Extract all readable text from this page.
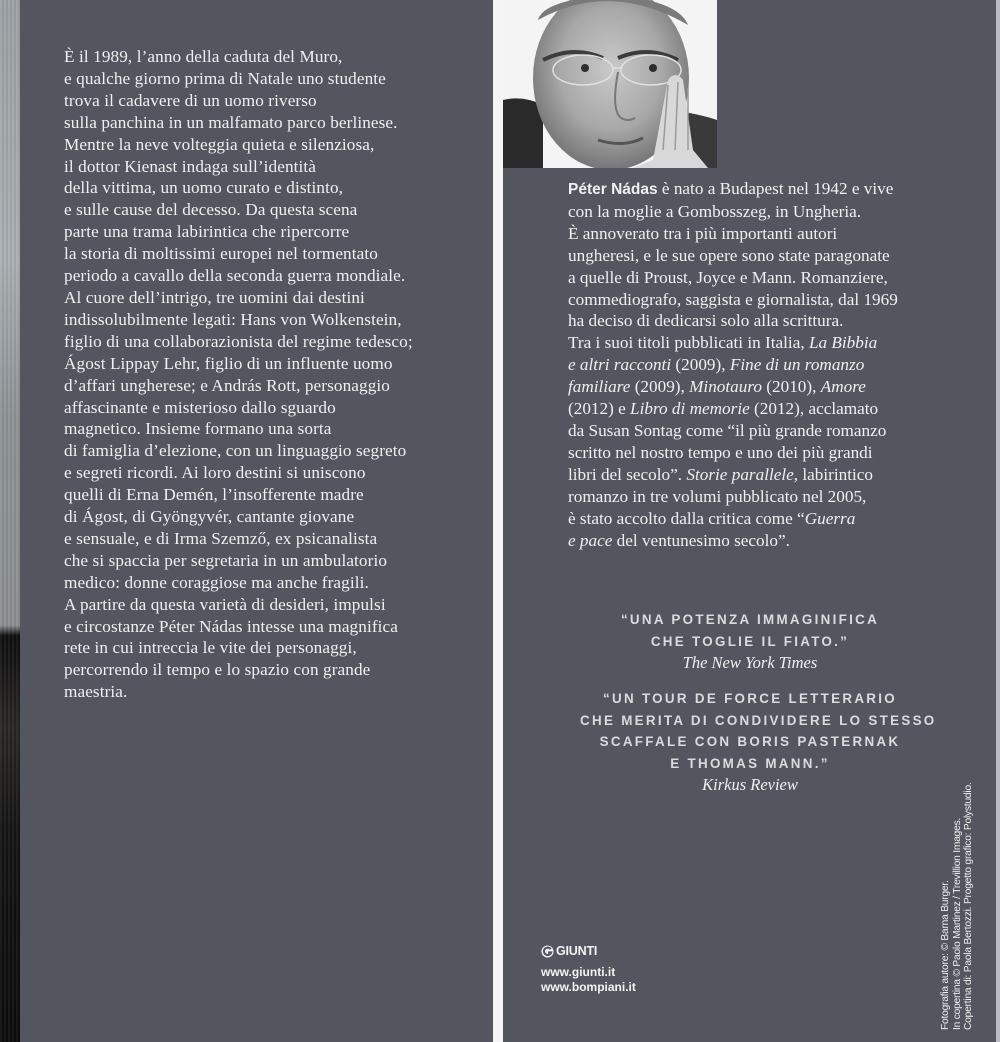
È il 1989, l’anno della caduta del Muro,
e qualche giorno prima di Natale uno studente
trova il cadavere di un uomo riverso
sulla panchina in un malfamato parco berlinese.
Mentre la neve volteggia quieta e silenziosa,
il dottor Kienast indaga sull’identità
della vittima, un uomo curato e distinto,
e sulle cause del decesso. Da questa scena
parte una trama labirintica che ripercorre
la storia di moltissimi europei nel tormentato
periodo a cavallo della seconda guerra mondiale.
Al cuore dell’intrigo, tre uomini dai destini
indissolubilmente legati: Hans von Wolkenstein,
figlio di una collaborazionista del regime tedesco;
Ágost Lippay Lehr, figlio di un influente uomo
d’affari ungherese; e András Rott, personaggio
affascinante e misterioso dallo sguardo
magnetico. Insieme formano una sorta
di famiglia d’elezione, con un linguaggio segreto
e segreti ricordi. Ai loro destini si uniscono
quelli di Erna Demén, l’insofferente madre
di Ágost, di Gyöngyvér, cantante giovane
e sensuale, e di Irma Szemző, ex psicanalista
che si spaccia per segretaria in un ambulatorio
medico: donne coraggiose ma anche fragili.
A partire da questa varietà di desideri, impulsi
e circostanze Péter Nádas intesse una magnifica
rete in cui intreccia le vite dei personaggi,
percorrendo il tempo e lo spazio con grande
maestria.
Péter Nádas è nato a Budapest nel 1942 e vive
con la moglie a Gombosszeg, in Ungheria.
È annoverato tra i più importanti autori
ungheresi, e le sue opere sono state paragonate
a quelle di Proust, Joyce e Mann. Romanziere,
commediografo, saggista e giornalista, dal 1969
ha deciso di dedicarsi solo alla scrittura.
Tra i suoi titoli pubblicati in Italia, La Bibbia
e altri racconti (2009), Fine di un romanzo
familiare (2009), Minotauro (2010), Amore
(2012) e Libro di memorie (2012), acclamato
da Susan Sontag come “il più grande romanzo
scritto nel nostro tempo e uno dei più grandi
libri del secolo”. Storie parallele, labirintico
romanzo in tre volumi pubblicato nel 2005,
è stato accolto dalla critica come “Guerra
e pace del ventunesimo secolo”.
“UNA POTENZA IMMAGINIFICA
CHE TOGLIE IL FIATO.”
The New York Times
“UN TOUR DE FORCE LETTERARIO
CHE MERITA DI CONDIVIDERE LO STESSO
SCAFFALE CON BORIS PASTERNAK
E THOMAS MANN.”
Kirkus Review
GIUNTI
www.giunti.it
www.bompiani.it	Fotografia autore: © Barna Burger. In copertina © Paolo Martinez / Trevillion Images. Copertina di: Paola Bertozzi. Progetto grafico: Polystudio.
